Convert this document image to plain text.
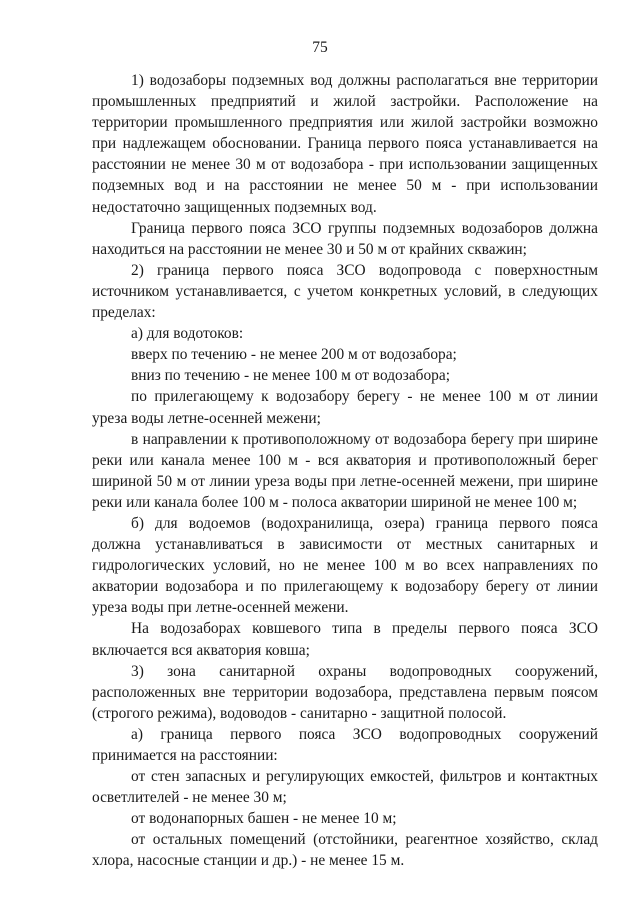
75

1) водозаборы подземных вод должны располагаться вне территории промышленных предприятий и жилой застройки. Расположение на территории промышленного предприятия или жилой застройки возможно при надлежащем обосновании. Граница первого пояса устанавливается на расстоянии не менее 30 м от водозабора - при использовании защищенных подземных вод и на расстоянии не менее 50 м - при использовании недостаточно защищенных подземных вод.

Граница первого пояса ЗСО группы подземных водозаборов должна находиться на расстоянии не менее 30 и 50 м от крайних скважин;

2) граница первого пояса ЗСО водопровода с поверхностным источником устанавливается, с учетом конкретных условий, в следующих пределах:

а) для водотоков:

вверх по течению - не менее 200 м от водозабора;

вниз по течению - не менее 100 м от водозабора;

по прилегающему к водозабору берегу - не менее 100 м от линии уреза воды летне-осенней межени;

в направлении к противоположному от водозабора берегу при ширине реки или канала менее 100 м - вся акватория и противоположный берег шириной 50 м от линии уреза воды при летне-осенней межени, при ширине реки или канала более 100 м - полоса акватории шириной не менее 100 м;

б) для водоемов (водохранилища, озера) граница первого пояса должна устанавливаться в зависимости от местных санитарных и гидрологических условий, но не менее 100 м во всех направлениях по акватории водозабора и по прилегающему к водозабору берегу от линии уреза воды при летне-осенней межени.

На водозаборах ковшевого типа в пределы первого пояса ЗСО включается вся акватория ковша;

3) зона санитарной охраны водопроводных сооружений, расположенных вне территории водозабора, представлена первым поясом (строгого режима), водоводов - санитарно - защитной полосой.

а) граница первого пояса ЗСО водопроводных сооружений принимается на расстоянии:

от стен запасных и регулирующих емкостей, фильтров и контактных осветлителей - не менее 30 м;

от водонапорных башен - не менее 10 м;

от остальных помещений (отстойники, реагентное хозяйство, склад хлора, насосные станции и др.) - не менее 15 м.
